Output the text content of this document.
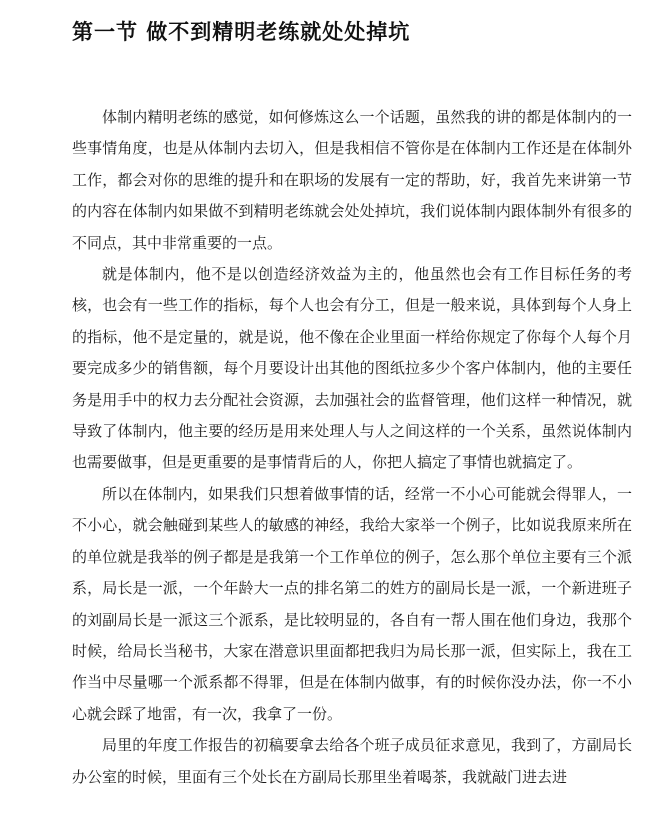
第一节 做不到精明老练就处处掉坑

体制内精明老练的感觉，如何修炼这么一个话题，虽然我的讲的都是体制内的一些事情角度，也是从体制内去切入，但是我相信不管你是在体制内工作还是在体制外工作，都会对你的思维的提升和在职场的发展有一定的帮助，好，我首先来讲第一节的内容在体制内如果做不到精明老练就会处处掉坑，我们说体制内跟体制外有很多的不同点，其中非常重要的一点。

就是体制内，他不是以创造经济效益为主的，他虽然也会有工作目标任务的考核，也会有一些工作的指标，每个人也会有分工，但是一般来说，具体到每个人身上的指标，他不是定量的，就是说，他不像在企业里面一样给你规定了你每个人每个月要完成多少的销售额，每个月要设计出其他的图纸拉多少个客户体制内，他的主要任务是用手中的权力去分配社会资源，去加强社会的监督管理，他们这样一种情况，就导致了体制内，他主要的经历是用来处理人与人之间这样的一个关系，虽然说体制内也需要做事，但是更重要的是事情背后的人，你把人搞定了事情也就搞定了。

所以在体制内，如果我们只想着做事情的话，经常一不小心可能就会得罪人，一不小心，就会触碰到某些人的敏感的神经，我给大家举一个例子，比如说我原来所在的单位就是我举的例子都是是我第一个工作单位的例子，怎么那个单位主要有三个派系，局长是一派，一个年龄大一点的排名第二的姓方的副局长是一派，一个新进班子的刘副局长是一派这三个派系，是比较明显的，各自有一帮人围在他们身边，我那个时候，给局长当秘书，大家在潜意识里面都把我归为局长那一派，但实际上，我在工作当中尽量哪一个派系都不得罪，但是在体制内做事，有的时候你没办法，你一不小心就会踩了地雷，有一次，我拿了一份。

局里的年度工作报告的初稿要拿去给各个班子成员征求意见，我到了，方副局长办公室的时候，里面有三个处长在方副局长那里坐着喝茶，我就敲门进去进
